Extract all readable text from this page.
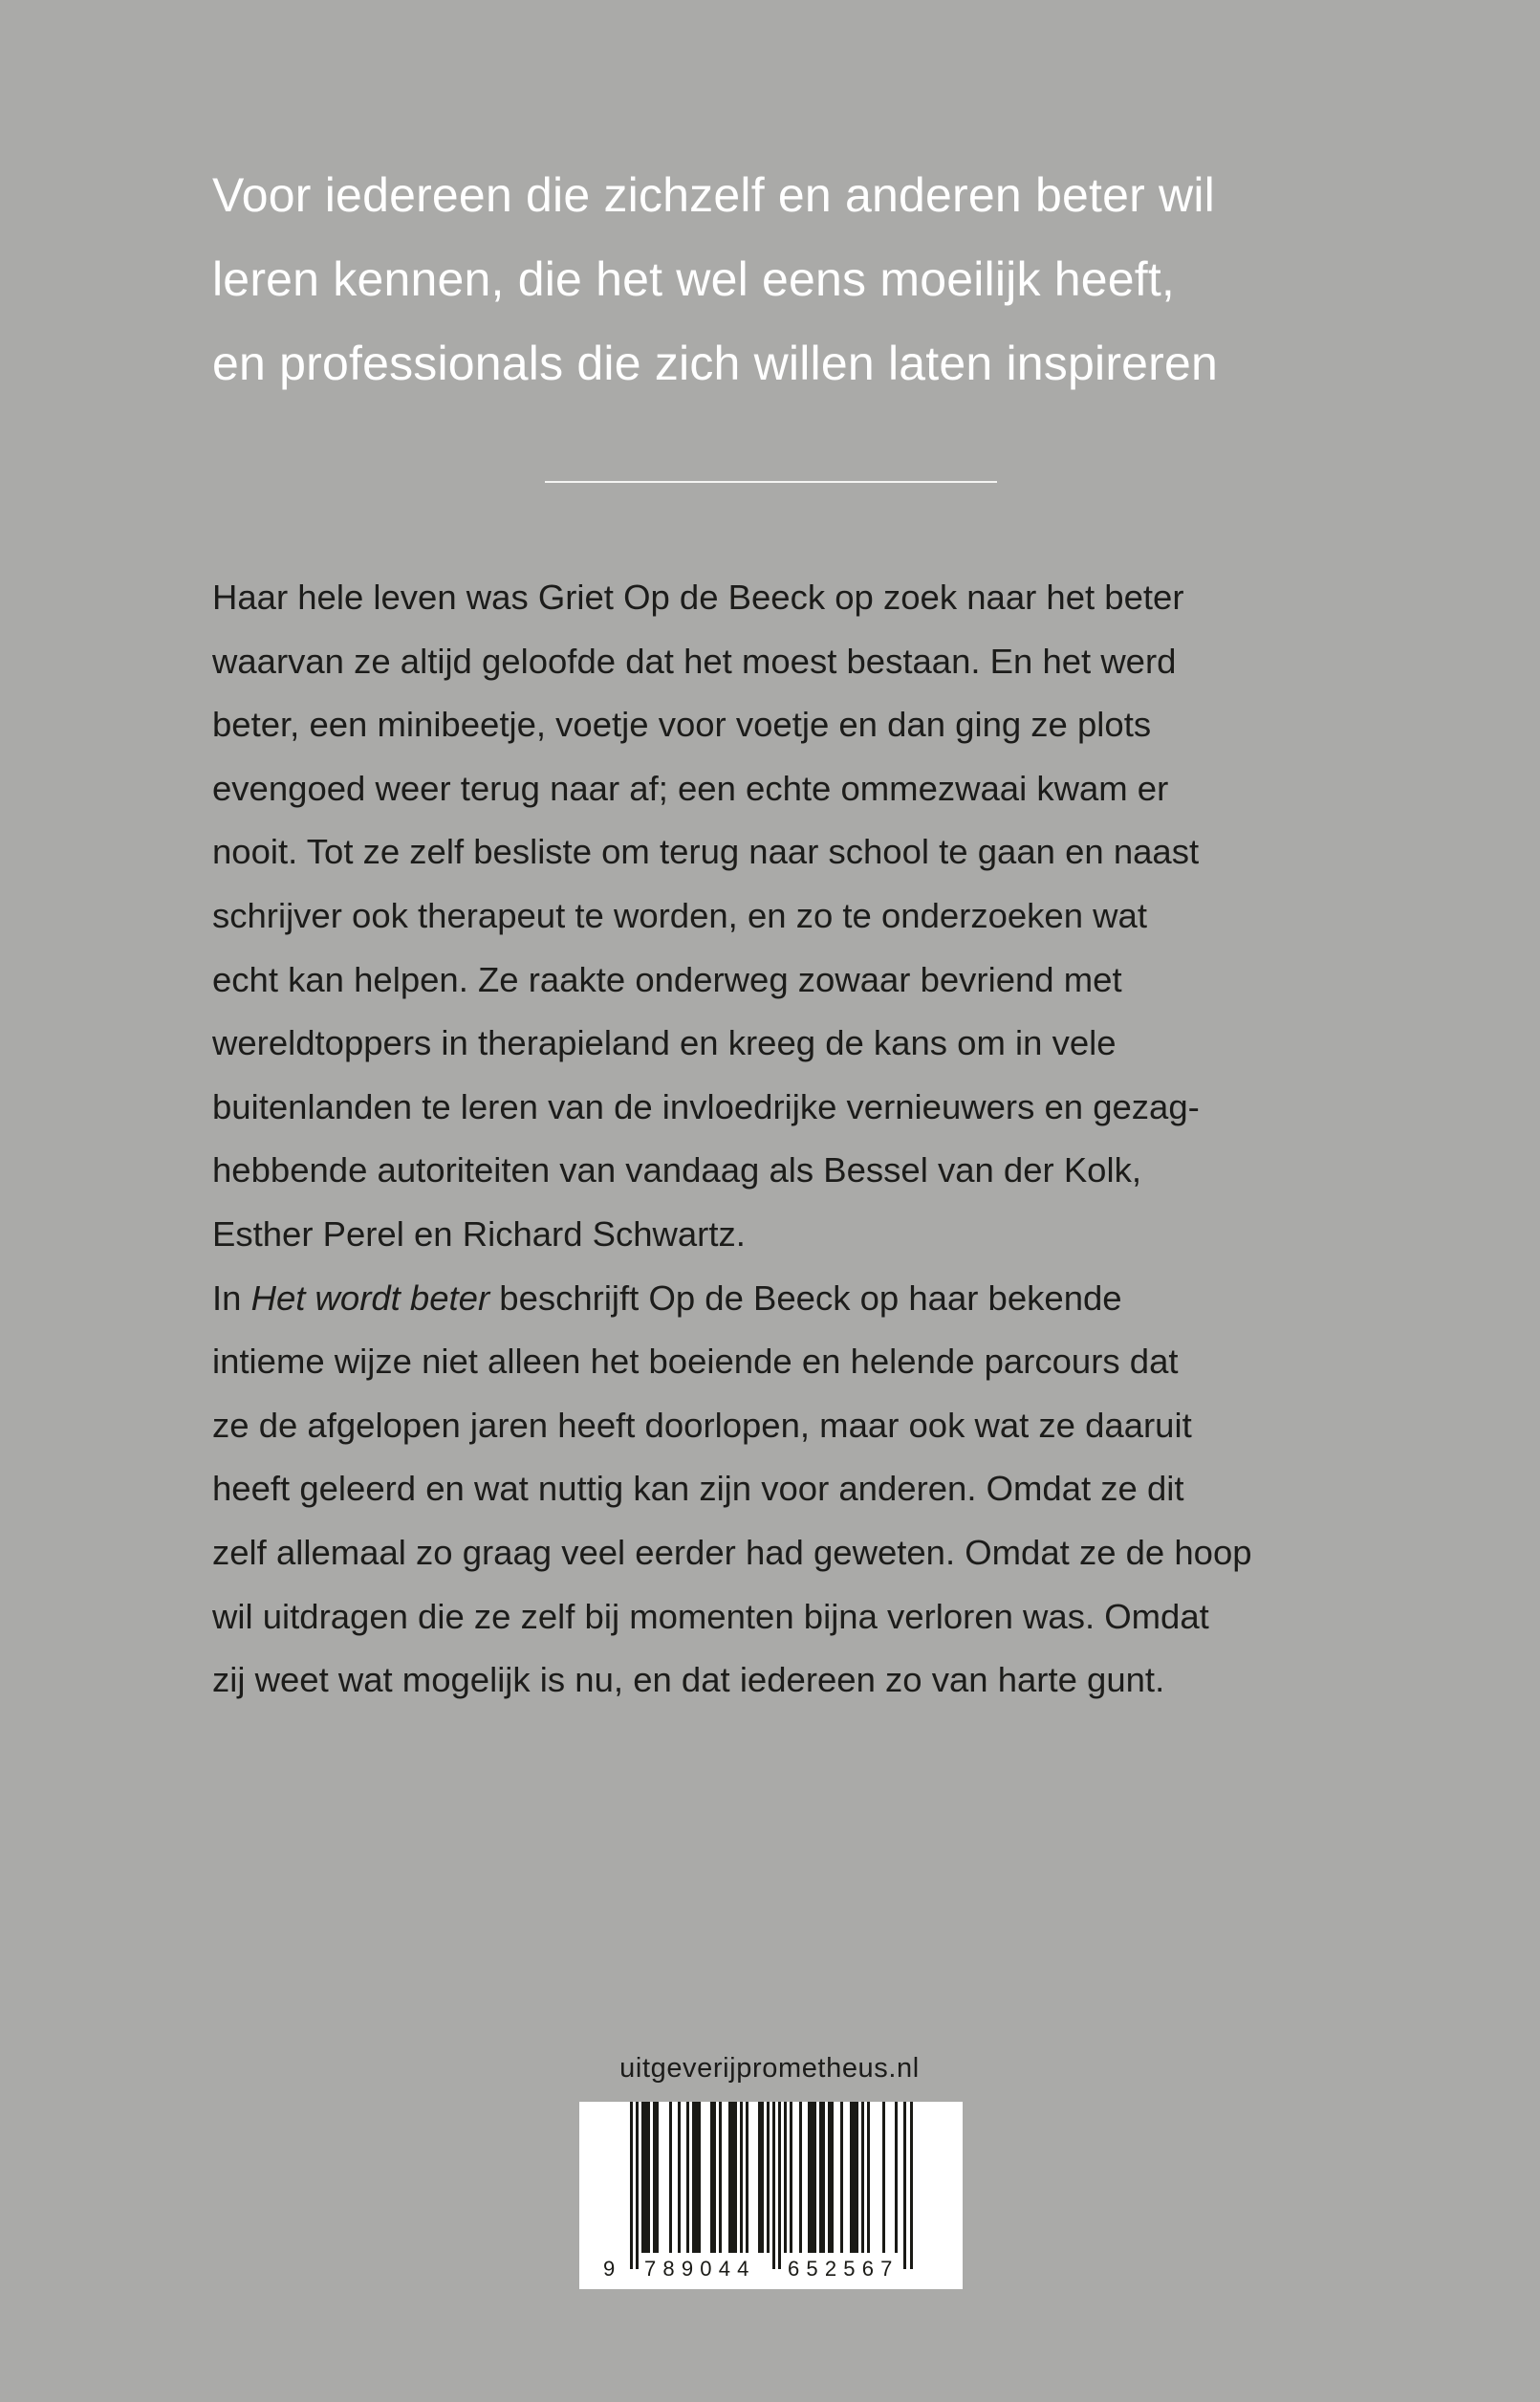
Voor iedereen die zichzelf en anderen beter wil
leren kennen, die het wel eens moeilijk heeft,
en professionals die zich willen laten inspireren
Haar hele leven was Griet Op de Beeck op zoek naar het beter
waarvan ze altijd geloofde dat het moest bestaan. En het werd
beter, een minibeetje, voetje voor voetje en dan ging ze plots
evengoed weer terug naar af; een echte ommezwaai kwam er
nooit. Tot ze zelf besliste om terug naar school te gaan en naast
schrijver ook therapeut te worden, en zo te onderzoeken wat
echt kan helpen. Ze raakte onderweg zowaar bevriend met
wereldtoppers in therapieland en kreeg de kans om in vele
buitenlanden te leren van de invloedrijke vernieuwers en gezag-
hebbende autoriteiten van vandaag als Bessel van der Kolk,
Esther Perel en Richard Schwartz.
In Het wordt beter beschrijft Op de Beeck op haar bekende
intieme wijze niet alleen het boeiende en helende parcours dat
ze de afgelopen jaren heeft doorlopen, maar ook wat ze daaruit
heeft geleerd en wat nuttig kan zijn voor anderen. Omdat ze dit
zelf allemaal zo graag veel eerder had geweten. Omdat ze de hoop
wil uitdragen die ze zelf bij momenten bijna verloren was. Omdat
zij weet wat mogelijk is nu, en dat iedereen zo van harte gunt.
uitgeverijprometheus.nl
9 789044 652567
